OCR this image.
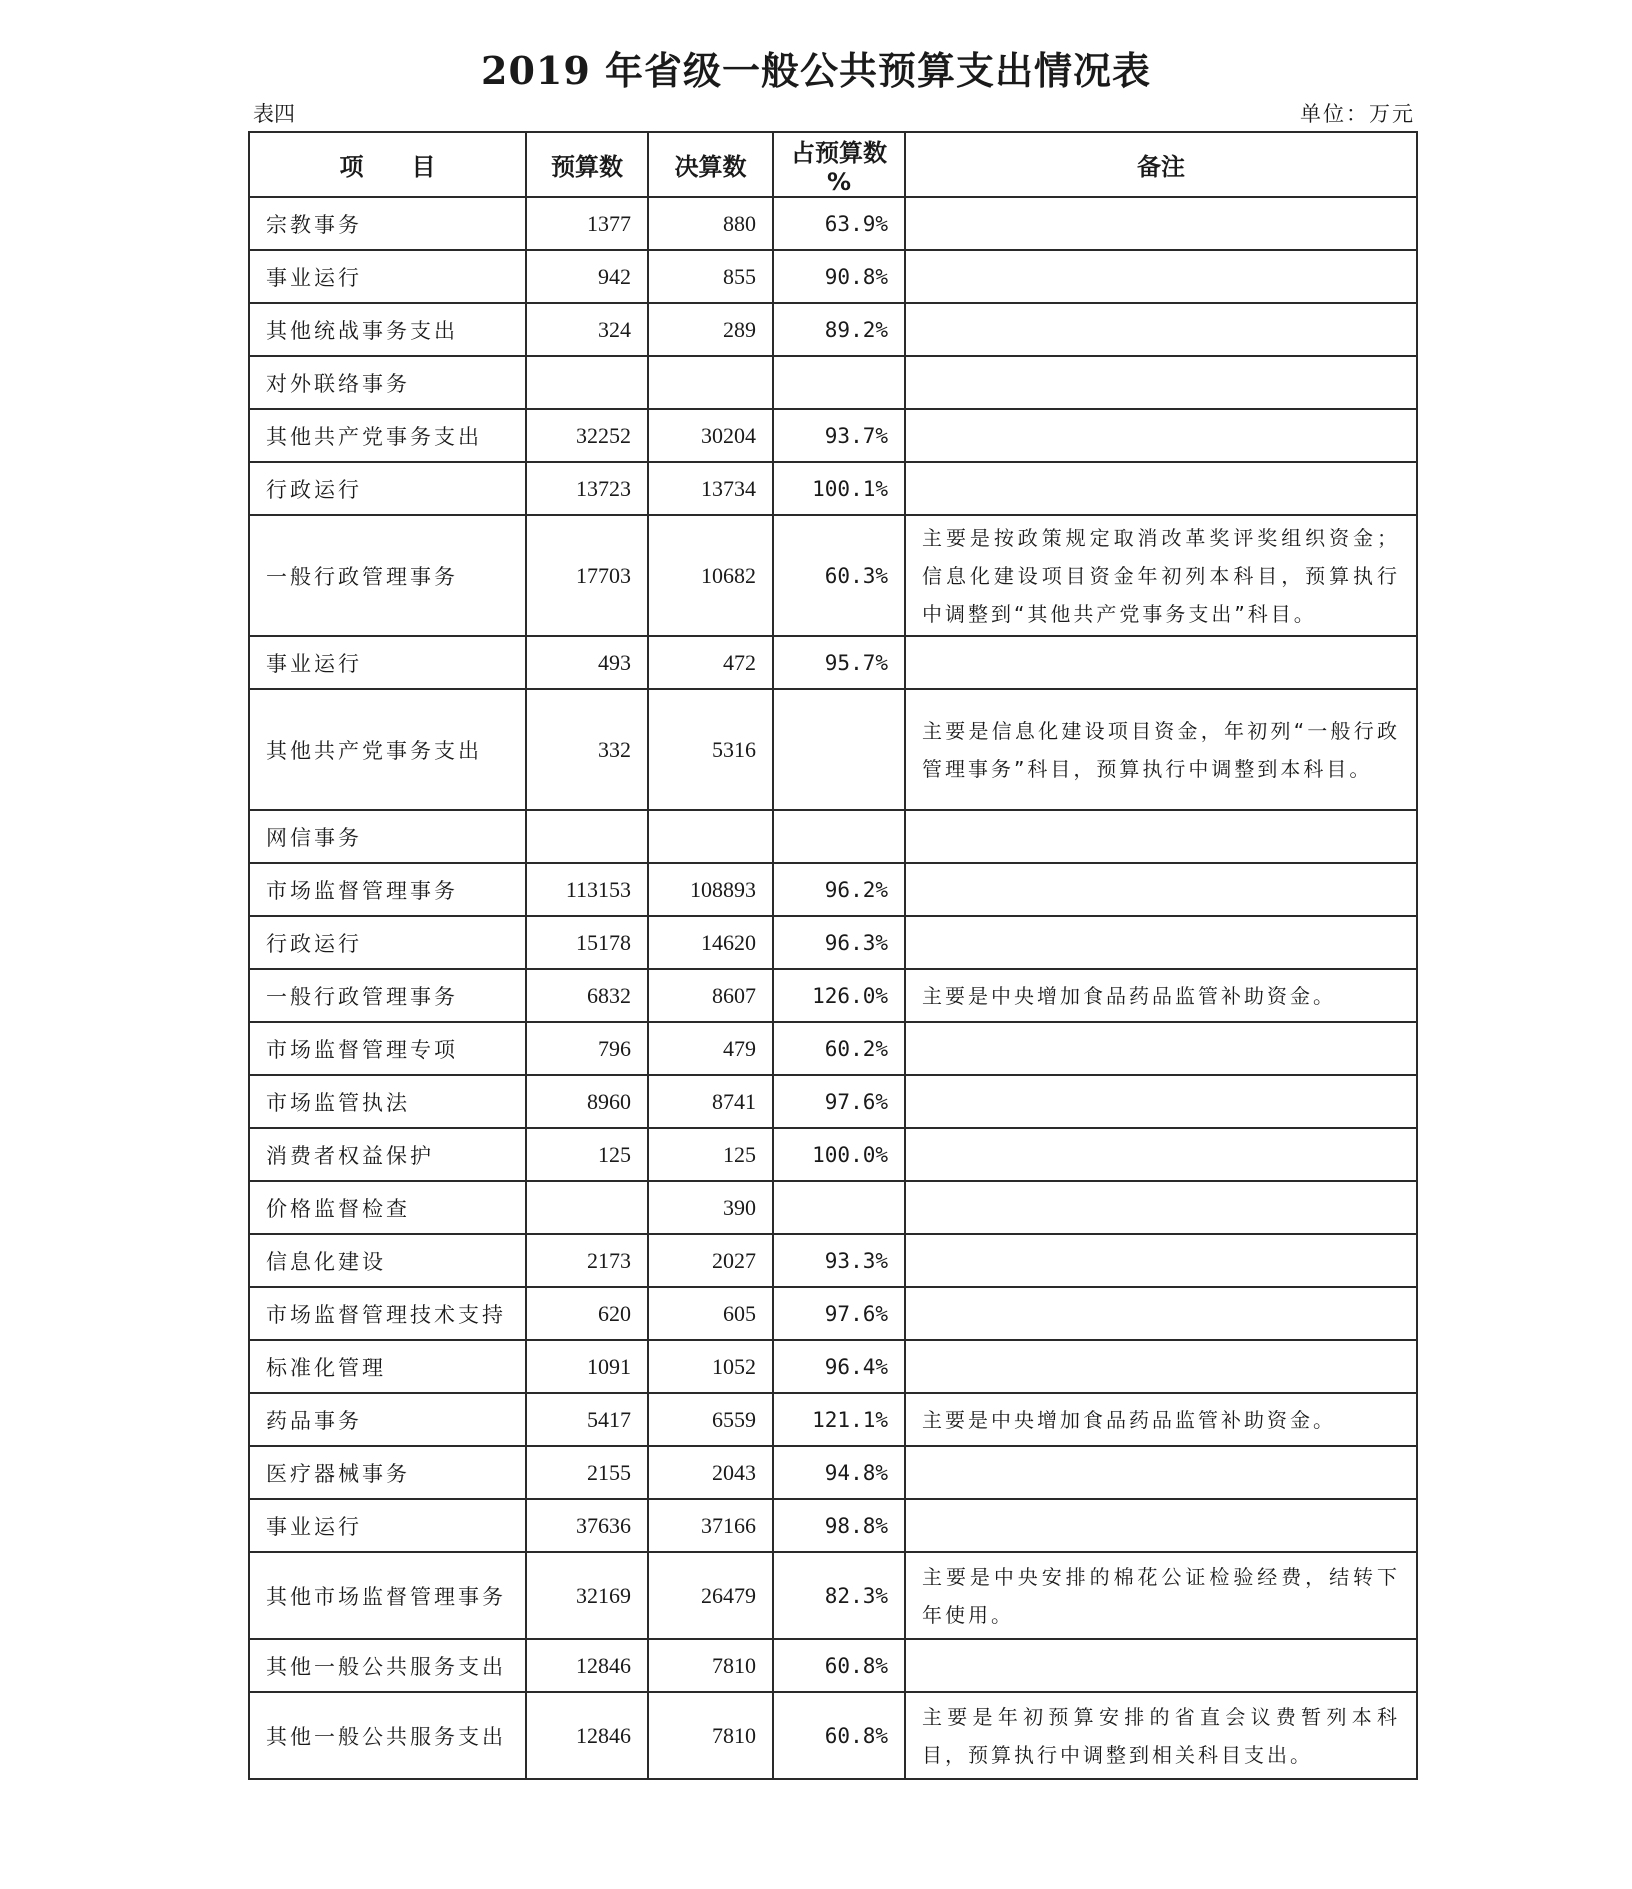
2019 年省级一般公共预算支出情况表
表四	单位：万元
项　　目	预算数	决算数	占预算数 %	备注
宗教事务	1377	880	63.9%	
事业运行	942	855	90.8%	
其他统战事务支出	324	289	89.2%	
对外联络事务				
其他共产党事务支出	32252	30204	93.7%	
行政运行	13723	13734	100.1%	
一般行政管理事务	17703	10682	60.3%	主要是按政策规定取消改革奖评奖组织资金；信息化建设项目资金年初列本科目，预算执行中调整到“其他共产党事务支出”科目。
事业运行	493	472	95.7%	
其他共产党事务支出	332	5316		主要是信息化建设项目资金，年初列“一般行政管理事务”科目，预算执行中调整到本科目。
网信事务				
市场监督管理事务	113153	108893	96.2%	
行政运行	15178	14620	96.3%	
一般行政管理事务	6832	8607	126.0%	主要是中央增加食品药品监管补助资金。
市场监督管理专项	796	479	60.2%	
市场监管执法	8960	8741	97.6%	
消费者权益保护	125	125	100.0%	
价格监督检查		390		
信息化建设	2173	2027	93.3%	
市场监督管理技术支持	620	605	97.6%	
标准化管理	1091	1052	96.4%	
药品事务	5417	6559	121.1%	主要是中央增加食品药品监管补助资金。
医疗器械事务	2155	2043	94.8%	
事业运行	37636	37166	98.8%	
其他市场监督管理事务	32169	26479	82.3%	主要是中央安排的棉花公证检验经费，结转下年使用。
其他一般公共服务支出	12846	7810	60.8%	
其他一般公共服务支出	12846	7810	60.8%	主要是年初预算安排的省直会议费暂列本科目，预算执行中调整到相关科目支出。
